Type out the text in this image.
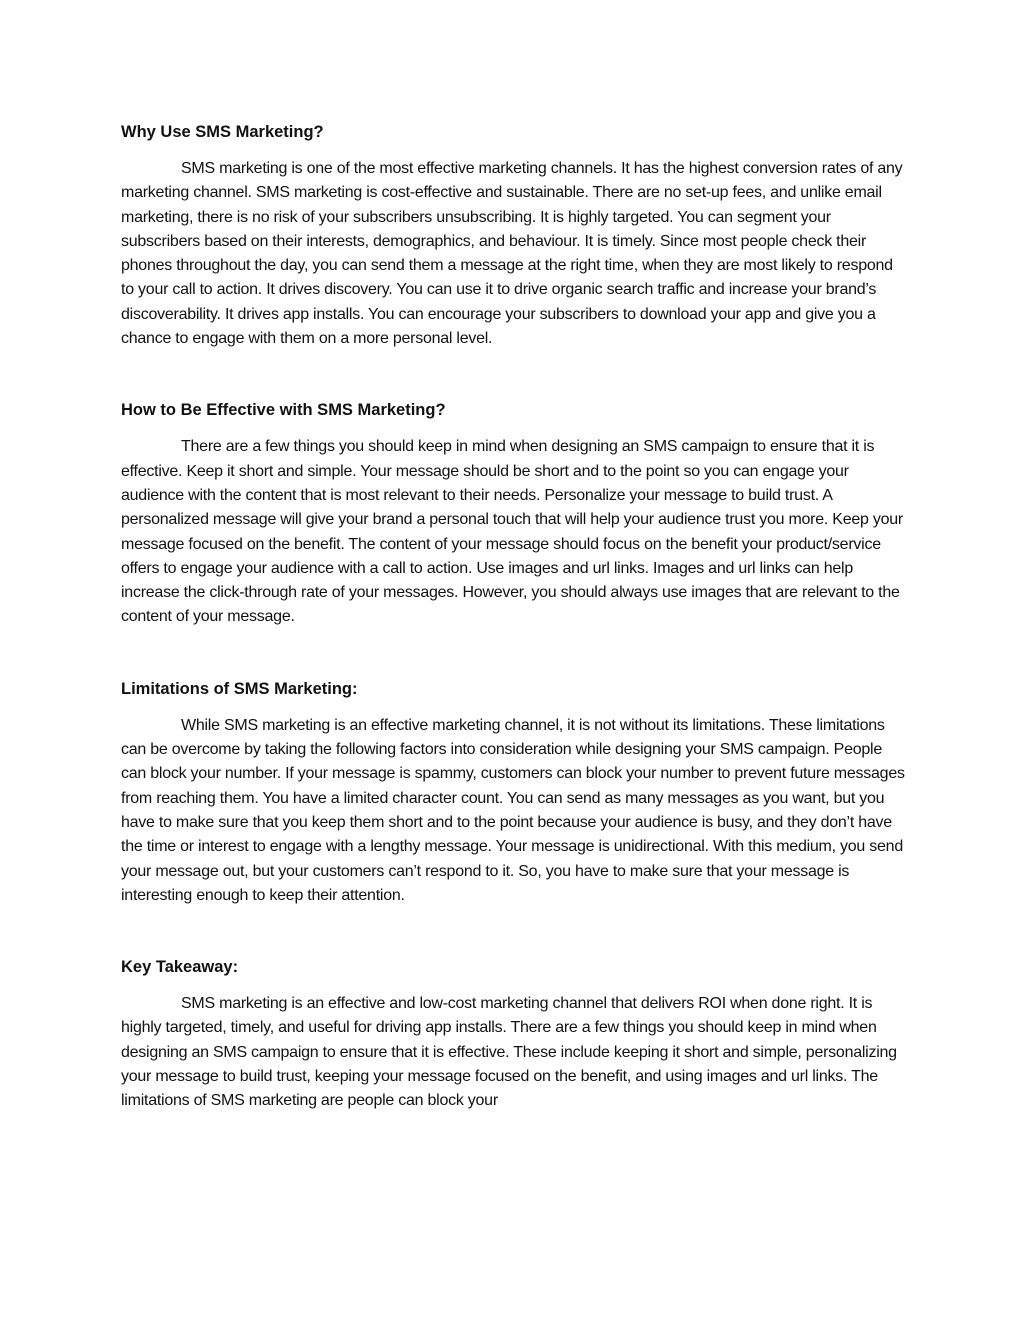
Why Use SMS Marketing?

SMS marketing is one of the most effective marketing channels. It has the highest conversion rates of any marketing channel. SMS marketing is cost-effective and sustainable. There are no set-up fees, and unlike email marketing, there is no risk of your subscribers unsubscribing. It is highly targeted. You can segment your subscribers based on their interests, demographics, and behaviour. It is timely. Since most people check their phones throughout the day, you can send them a message at the right time, when they are most likely to respond to your call to action. It drives discovery. You can use it to drive organic search traffic and increase your brand’s discoverability. It drives app installs. You can encourage your subscribers to download your app and give you a chance to engage with them on a more personal level.

How to Be Effective with SMS Marketing?

There are a few things you should keep in mind when designing an SMS campaign to ensure that it is effective. Keep it short and simple. Your message should be short and to the point so you can engage your audience with the content that is most relevant to their needs. Personalize your message to build trust. A personalized message will give your brand a personal touch that will help your audience trust you more. Keep your message focused on the benefit. The content of your message should focus on the benefit your product/service offers to engage your audience with a call to action. Use images and url links. Images and url links can help increase the click-through rate of your messages. However, you should always use images that are relevant to the content of your message.

Limitations of SMS Marketing:

While SMS marketing is an effective marketing channel, it is not without its limitations. These limitations can be overcome by taking the following factors into consideration while designing your SMS campaign. People can block your number. If your message is spammy, customers can block your number to prevent future messages from reaching them. You have a limited character count. You can send as many messages as you want, but you have to make sure that you keep them short and to the point because your audience is busy, and they don’t have the time or interest to engage with a lengthy message. Your message is unidirectional. With this medium, you send your message out, but your customers can’t respond to it. So, you have to make sure that your message is interesting enough to keep their attention.

Key Takeaway:

SMS marketing is an effective and low-cost marketing channel that delivers ROI when done right. It is highly targeted, timely, and useful for driving app installs. There are a few things you should keep in mind when designing an SMS campaign to ensure that it is effective. These include keeping it short and simple, personalizing your message to build trust, keeping your message focused on the benefit, and using images and url links. The limitations of SMS marketing are people can block your
